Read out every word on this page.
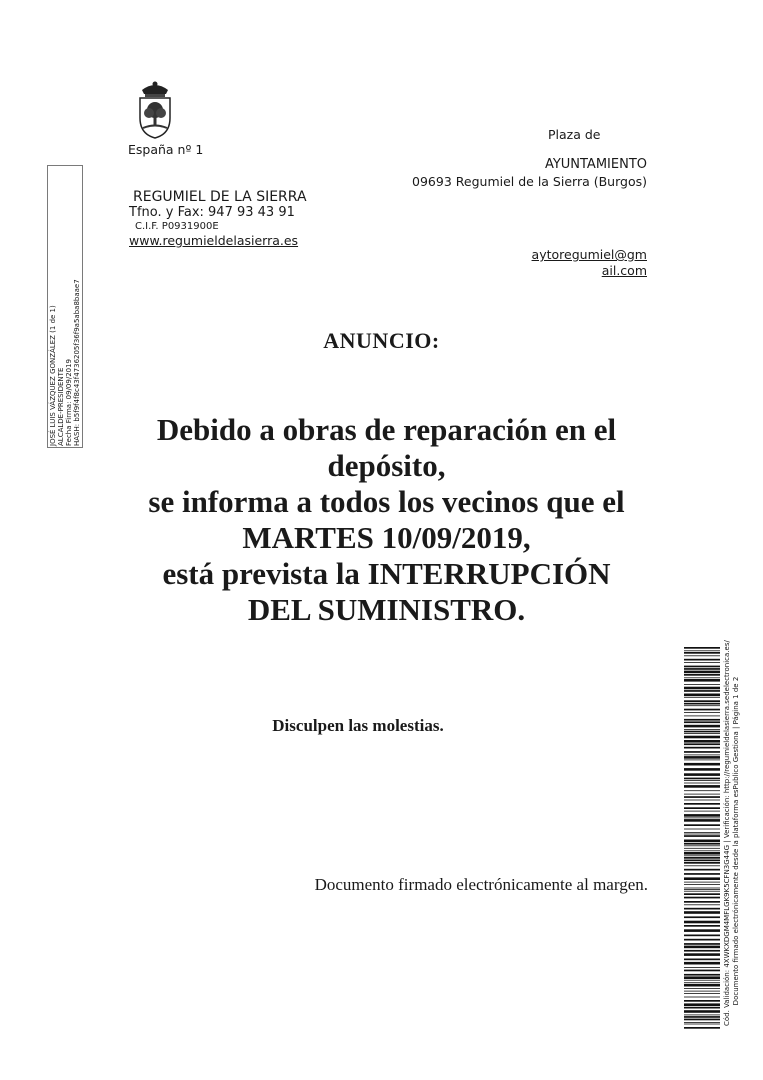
España nº 1
Plaza de
AYUNTAMIENTO
09693 Regumiel de la Sierra (Burgos)
REGUMIEL DE LA SIERRA
Tfno. y Fax: 947 93 43 91
C.I.F. P0931900E
www.regumieldelasierra.es
aytoregumiel@gm
ail.com
JOSÉ LUIS VÁZQUEZ GONZÁLEZ (1 de 1) ALCALDE-PRESIDENTE Fecha Firma: 09/09/2019 HASH: b5f9f4f8c43f4736205f36f9a5aba8baae7	ANUNCIO:
Debido a obras de reparación en el
depósito,
se informa a todos los vecinos que el
MARTES 10/09/2019,
está prevista la INTERRUPCIÓN
DEL SUMINISTRO.
Disculpen las molestias.
Documento firmado electrónicamente al margen.	Cód. Validación: 4XWKXDGM4MFLGK9K5CFN3G44G | Verificación: http://regumieldelasierra.sedelectronica.es/ Documento firmado electrónicamente desde la plataforma esPublico Gestiona | Página 1 de 2
